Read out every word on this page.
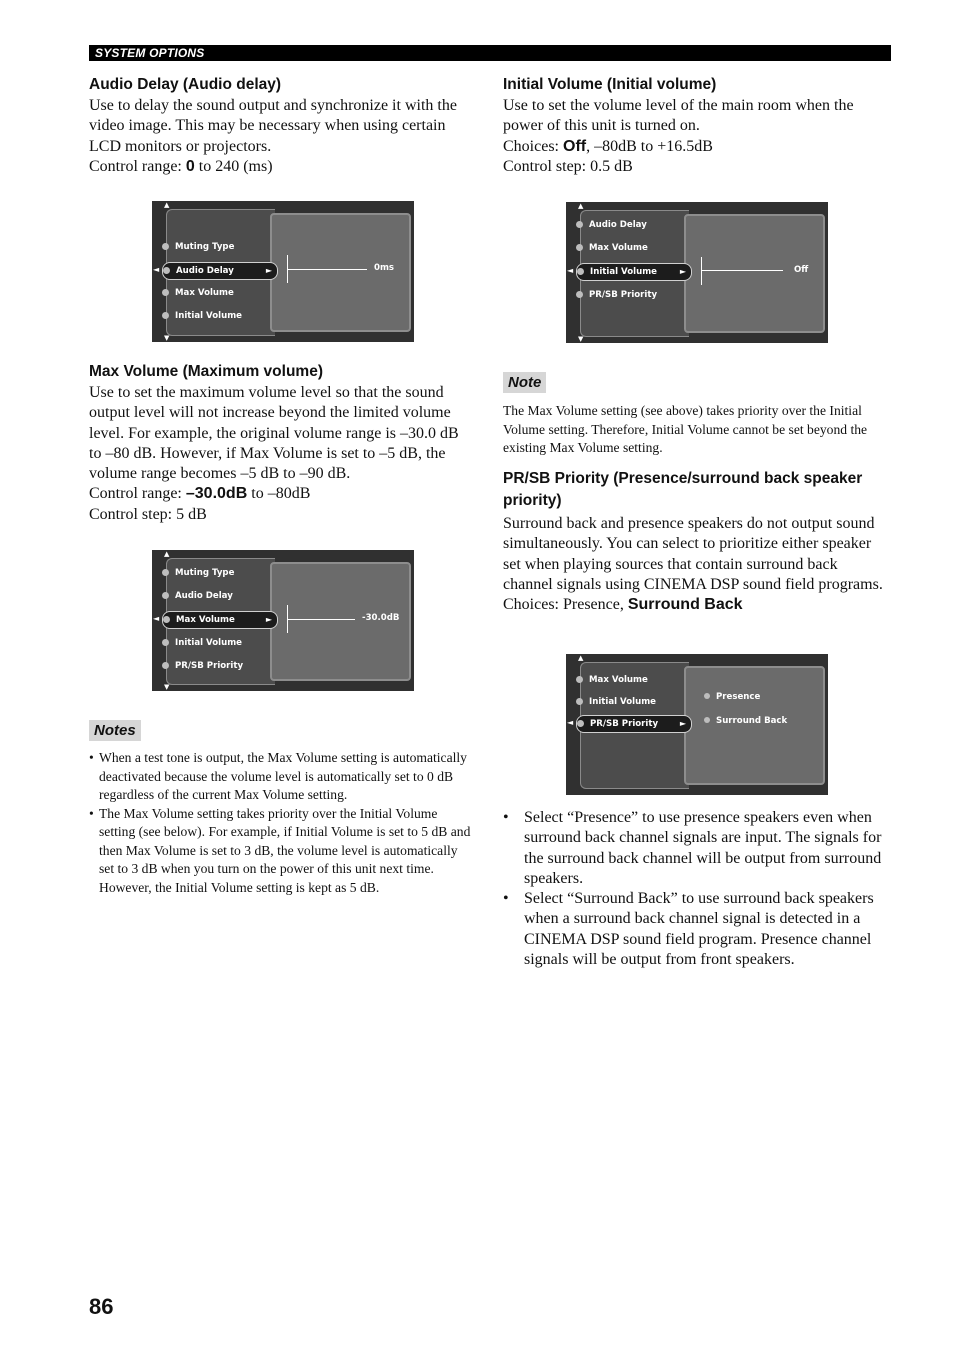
SYSTEM OPTIONS

Audio Delay (Audio delay)

Use to delay the sound output and synchronize it with the video image. This may be necessary when using certain LCD monitors or projectors.

Control range: 0 to 240 (ms)

▲
Muting Type
◄ Audio Delay	►
Max Volume
Initial Volume
0ms
▼

Max Volume (Maximum volume)

Use to set the maximum volume level so that the sound output level will not increase beyond the limited volume level. For example, the original volume range is –30.0 dB to –80 dB. However, if Max Volume is set to –5 dB, the volume range becomes –5 dB to –90 dB.

Control range: –30.0dB to –80dB

Control step: 5 dB

▲
Muting Type
Audio Delay
◄ Max Volume	►
Initial Volume
PR/SB Priority
-30.0dB
▼
Notes
• When a test tone is output, the Max Volume setting is automatically deactivated because the volume level is automatically set to 0 dB regardless of the current Max Volume setting.
• The Max Volume setting takes priority over the Initial Volume setting (see below). For example, if Initial Volume is set to 5 dB and then Max Volume is set to 3 dB, the volume level is automatically set to 3 dB when you turn on the power of this unit next time. However, the Initial Volume setting is kept as 5 dB.

Initial Volume (Initial volume)

Use to set the volume level of the main room when the power of this unit is turned on.

Choices: Off, –80dB to +16.5dB

Control step: 0.5 dB

▲
Audio Delay
Max Volume
◄ Initial Volume	►
PR/SB Priority
Off
▼
Note

The Max Volume setting (see above) takes priority over the Initial Volume setting. Therefore, Initial Volume cannot be set beyond the existing Max Volume setting.

PR/SB Priority (Presence/surround back speaker priority)

Surround back and presence speakers do not output sound simultaneously. You can select to prioritize either speaker set when playing sources that contain surround back channel signals using CINEMA DSP sound field programs.

Choices: Presence, Surround Back

▲
Max Volume
Initial Volume
◄ PR/SB Priority	►
Presence
Surround Back
• Select “Presence” to use presence speakers even when surround back channel signals are input. The signals for the surround back channel will be output from surround speakers.
• Select “Surround Back” to use surround back speakers when a surround back channel signal is detected in a CINEMA DSP sound field program. Presence channel signals will be output from front speakers.
86
